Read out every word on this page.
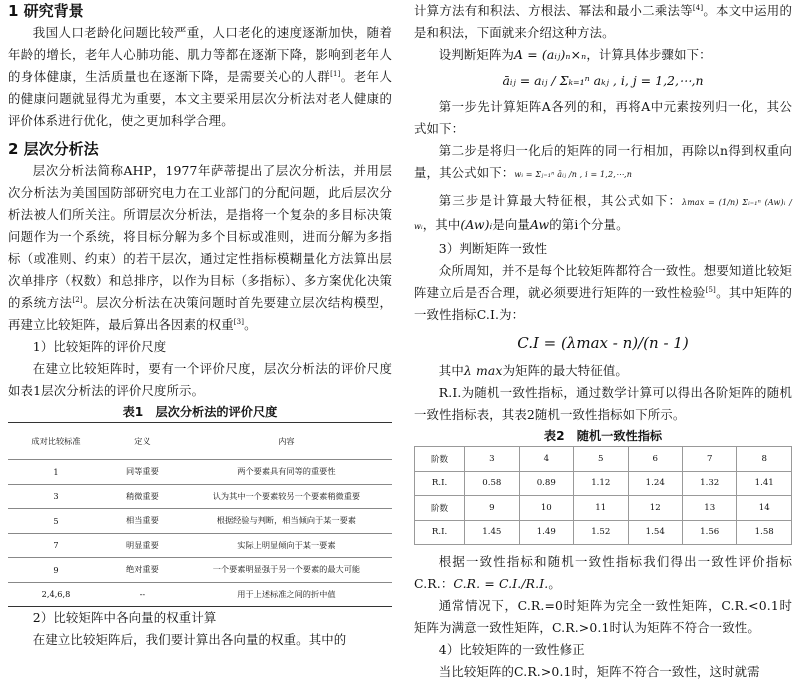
1 研究背景

我国人口老龄化问题比较严重，人口老化的速度逐渐加快，随着年龄的增长，老年人心肺功能、肌力等都在逐渐下降，影响到老年人的身体健康，生活质量也在逐渐下降，是需要关心的人群[1]。老年人的健康问题就显得尤为重要，本文主要采用层次分析法对老人健康的评价体系进行优化，使之更加科学合理。

2 层次分析法

层次分析法简称AHP，1977年萨蒂提出了层次分析法，并用层次分析法为美国国防部研究电力在工业部门的分配问题，此后层次分析法被人们所关注。所谓层次分析法，是指将一个复杂的多目标决策问题作为一个系统，将目标分解为多个目标或准则，进而分解为多指标（或准则、约束）的若干层次，通过定性指标模糊量化方法算出层次单排序（权数）和总排序，以作为目标（多指标）、多方案优化决策的系统方法[2]。层次分析法在决策问题时首先要建立层次结构模型，再建立比较矩阵，最后算出各因素的权重[3]。

1）比较矩阵的评价尺度

在建立比较矩阵时，要有一个评价尺度，层次分析法的评价尺度如表1层次分析法的评价尺度所示。

表1　层次分析法的评价尺度

成对比较标准	定义	内容
1	同等重要	两个要素具有同等的重要性
3	稍微重要	认为其中一个要素较另一个要素稍微重要
5	相当重要	根据经验与判断，相当倾向于某一要素
7	明显重要	实际上明显倾向于某一要素
9	绝对重要	一个要素明显强于另一个要素的最大可能
2,4,6,8	--	用于上述标准之间的折中值

2）比较矩阵中各向量的权重计算

在建立比较矩阵后，我们要计算出各向量的权重。其中的

计算方法有和积法、方根法、幂法和最小二乘法等[4]。本文中运用的是和积法，下面就来介绍这种方法。

设判断矩阵为A = (aᵢⱼ)ₙ×ₙ，计算具体步骤如下：

āᵢⱼ = aᵢⱼ / Σₖ₌₁ⁿ aₖⱼ , i, j = 1,2,⋯,n

第一步先计算矩阵A各列的和，再将A中元素按列归一化，其公式如下：

第二步是将归一化后的矩阵的同一行相加，再除以n得到权重向量，其公式如下：wᵢ = Σⱼ₌₁ⁿ āᵢⱼ /n , i = 1,2,⋯,n

第三步是计算最大特征根，其公式如下：λmax = (1/n) Σᵢ₌₁ⁿ (Aw)ᵢ / wᵢ，其中(Aw)ᵢ是向量Aw的第i个分量。

3）判断矩阵一致性

众所周知，并不是每个比较矩阵都符合一致性。想要知道比较矩阵建立后是否合理，就必须要进行矩阵的一致性检验[5]。其中矩阵的一致性指标C.I.为：

C.I = (λmax - n)/(n - 1)

其中λ max为矩阵的最大特征值。

R.I.为随机一致性指标，通过数学计算可以得出各阶矩阵的随机一致性指标表，其表2随机一致性指标如下所示。

表2　随机一致性指标

阶数	3	4	5	6	7	8
R.I.	0.58	0.89	1.12	1.24	1.32	1.41
阶数	9	10	11	12	13	14
R.I.	1.45	1.49	1.52	1.54	1.56	1.58

根据一致性指标和随机一致性指标我们得出一致性评价指标C.R.：C.R. = C.I./R.I.。

通常情况下，C.R.=0时矩阵为完全一致性矩阵，C.R.<0.1时矩阵为满意一致性矩阵，C.R.>0.1时认为矩阵不符合一致性。

4）比较矩阵的一致性修正

当比较矩阵的C.R.>0.1时，矩阵不符合一致性，这时就需
